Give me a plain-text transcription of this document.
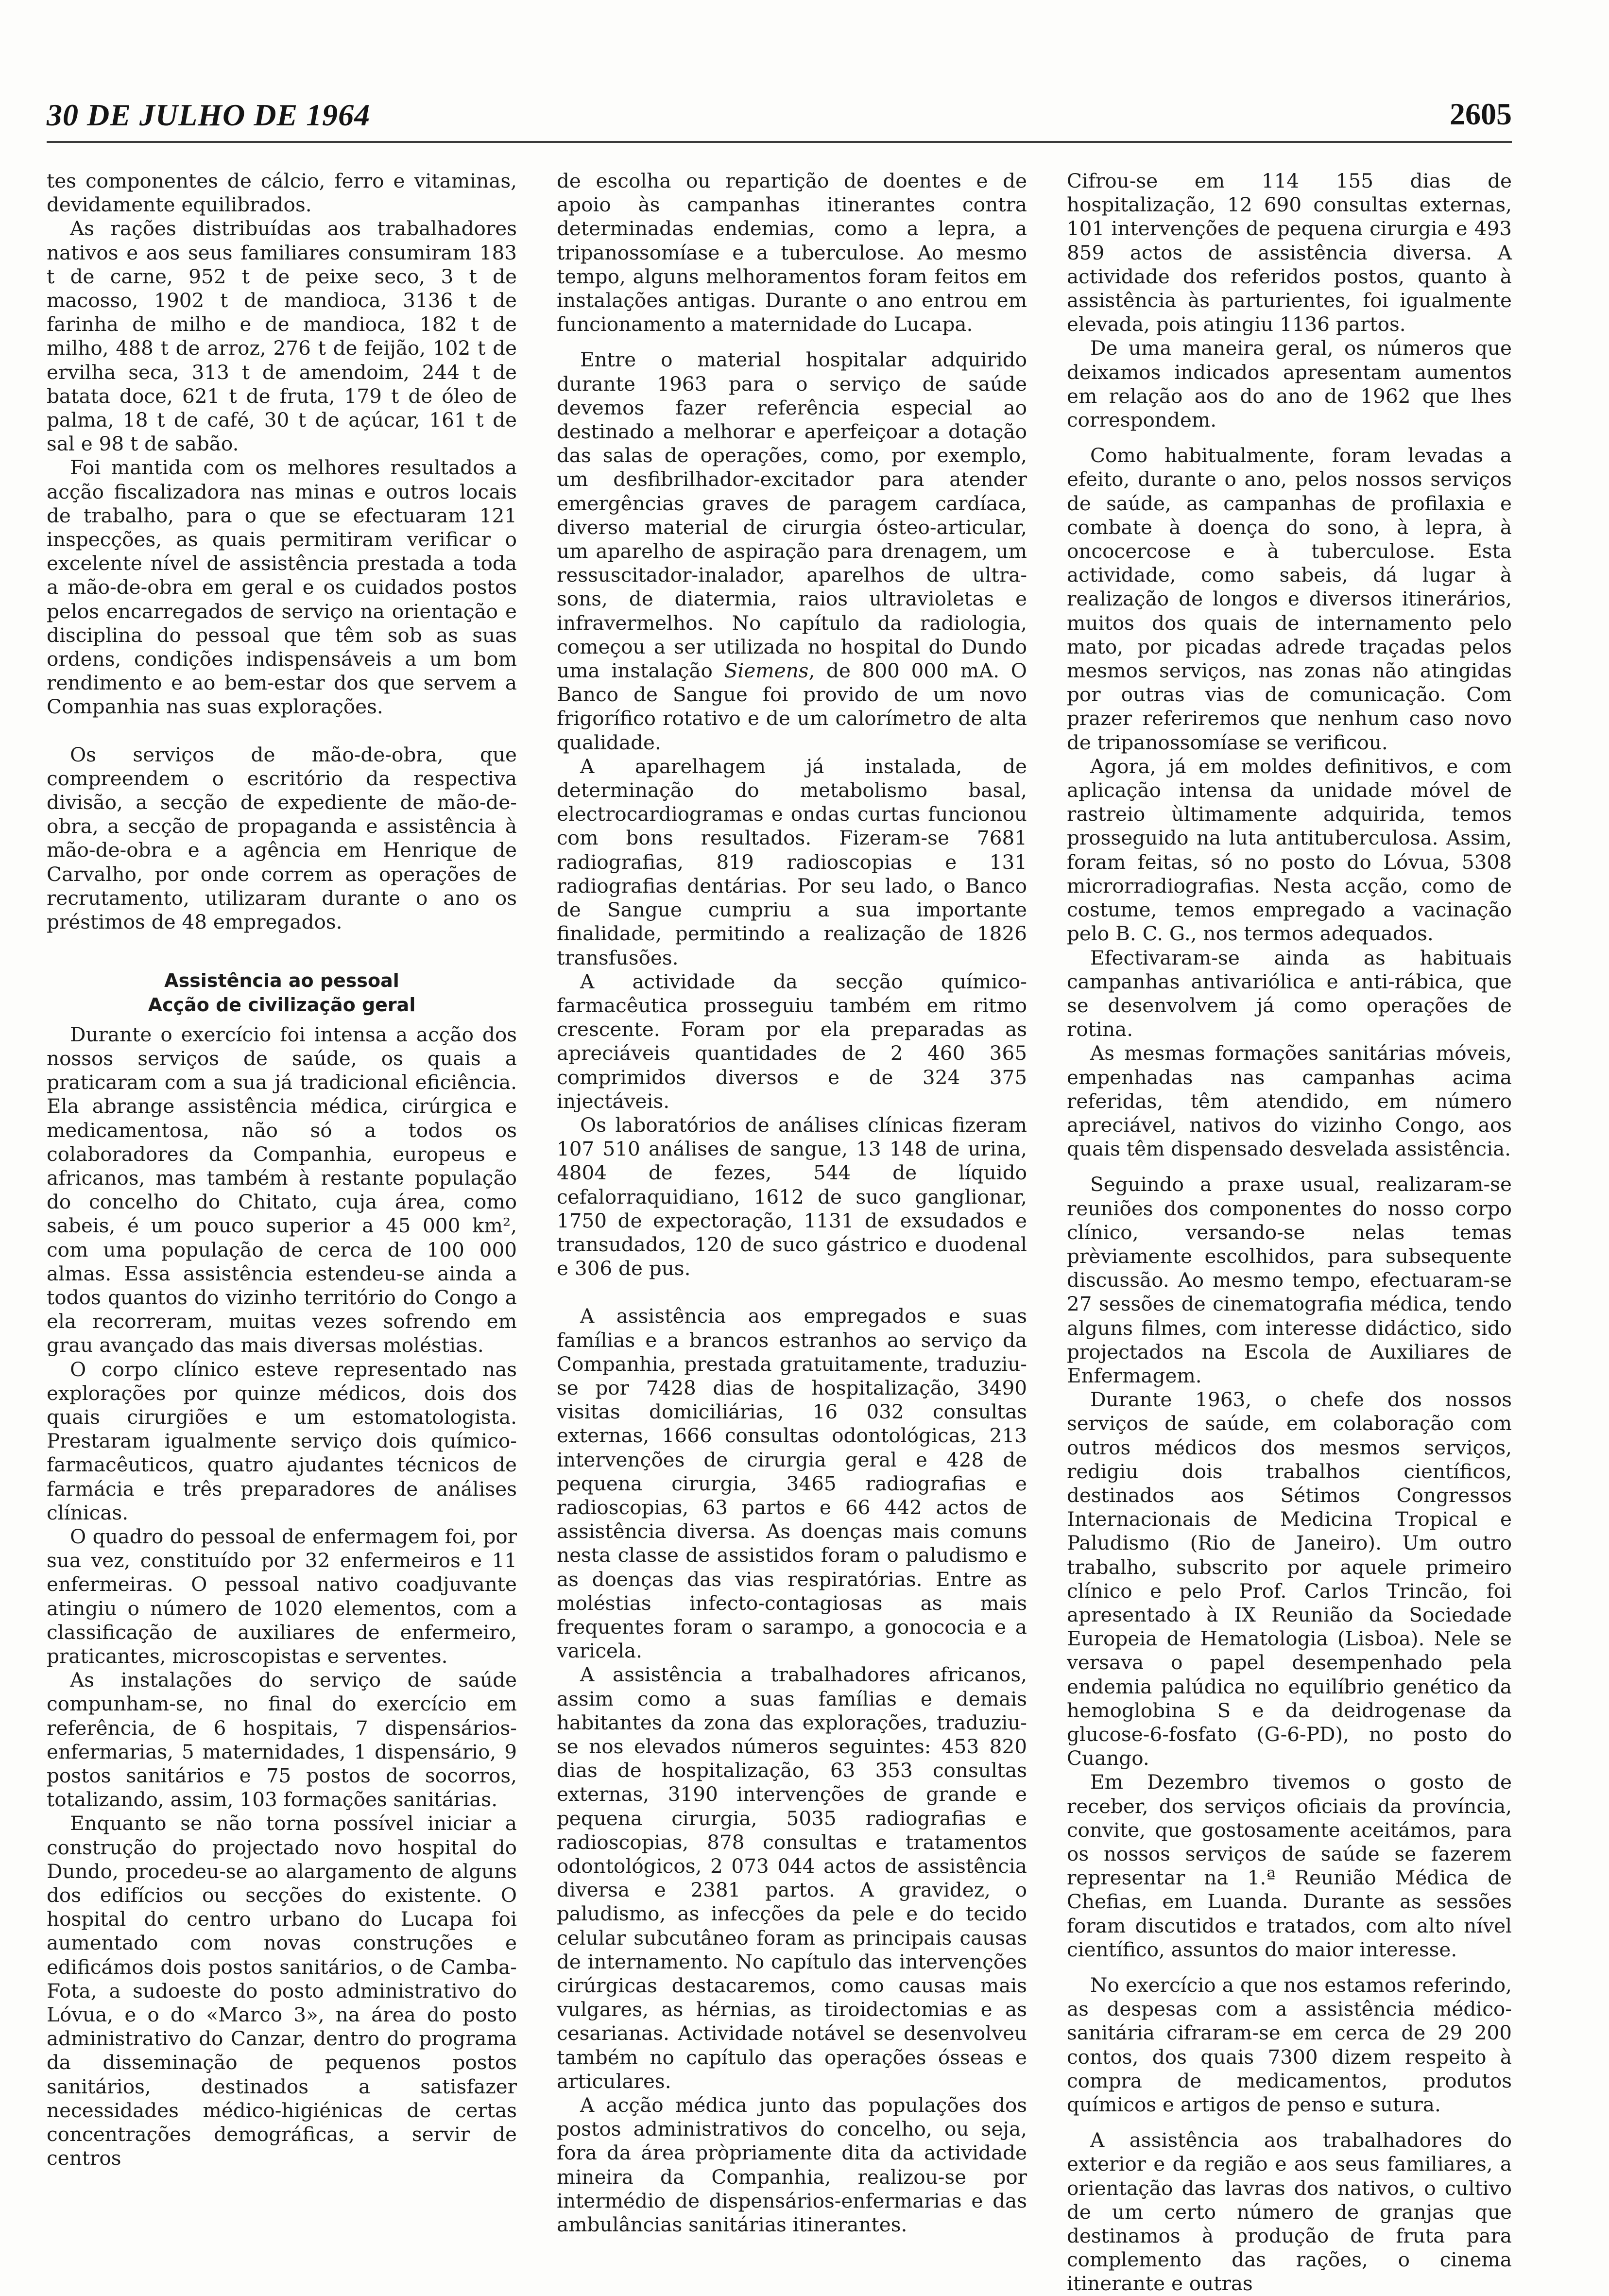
30 DE JULHO DE 1964	2605

tes componentes de cálcio, ferro e vitaminas, devidamente equilibrados.

As rações distribuídas aos trabalhadores nativos e aos seus familiares consumiram 183 t de carne, 952 t de peixe seco, 3 t de macosso, 1902 t de mandioca, 3136 t de farinha de milho e de mandioca, 182 t de milho, 488 t de arroz, 276 t de feijão, 102 t de ervilha seca, 313 t de amendoim, 244 t de batata doce, 621 t de fruta, 179 t de óleo de palma, 18 t de café, 30 t de açúcar, 161 t de sal e 98 t de sabão.

Foi mantida com os melhores resultados a acção fiscalizadora nas minas e outros locais de trabalho, para o que se efectuaram 121 inspecções, as quais permitiram verificar o excelente nível de assistência prestada a toda a mão-de-obra em geral e os cuidados postos pelos encarregados de serviço na orientação e disciplina do pessoal que têm sob as suas ordens, condições indispensáveis a um bom rendimento e ao bem-estar dos que servem a Companhia nas suas explorações.

Os serviços de mão-de-obra, que compreendem o escritório da respectiva divisão, a secção de expediente de mão-de-obra, a secção de propaganda e assistência à mão-de-obra e a agência em Henrique de Carvalho, por onde correm as operações de recrutamento, utilizaram durante o ano os préstimos de 48 empregados.

Assistência ao pessoal
Acção de civilização geral

Durante o exercício foi intensa a acção dos nossos serviços de saúde, os quais a praticaram com a sua já tradicional eficiência. Ela abrange assistência médica, cirúrgica e medicamentosa, não só a todos os colaboradores da Companhia, europeus e africanos, mas também à restante população do concelho do Chitato, cuja área, como sabeis, é um pouco superior a 45 000 km², com uma população de cerca de 100 000 almas. Essa assistência estendeu-se ainda a todos quantos do vizinho território do Congo a ela recorreram, muitas vezes sofrendo em grau avançado das mais diversas moléstias.

O corpo clínico esteve representado nas explorações por quinze médicos, dois dos quais cirurgiões e um estomatologista. Prestaram igualmente serviço dois químico-farmacêuticos, quatro ajudantes técnicos de farmácia e três preparadores de análises clínicas.

O quadro do pessoal de enfermagem foi, por sua vez, constituído por 32 enfermeiros e 11 enfermeiras. O pessoal nativo coadjuvante atingiu o número de 1020 elementos, com a classificação de auxiliares de enfermeiro, praticantes, microscopistas e serventes.

As instalações do serviço de saúde compunham-se, no final do exercício em referência, de 6 hospitais, 7 dispensários-enfermarias, 5 maternidades, 1 dispensário, 9 postos sanitários e 75 postos de socorros, totalizando, assim, 103 formações sanitárias.

Enquanto se não torna possível iniciar a construção do projectado novo hospital do Dundo, procedeu-se ao alargamento de alguns dos edifícios ou secções do existente. O hospital do centro urbano do Lucapa foi aumentado com novas construções e edificámos dois postos sanitários, o de Camba-Fota, a sudoeste do posto administrativo do Lóvua, e o do «Marco 3», na área do posto administrativo do Canzar, dentro do programa da disseminação de pequenos postos sanitários, destinados a satisfazer necessidades médico-higiénicas de certas concentrações demográficas, a servir de centros

de escolha ou repartição de doentes e de apoio às campanhas itinerantes contra determinadas endemias, como a lepra, a tripanossomíase e a tuberculose. Ao mesmo tempo, alguns melhoramentos foram feitos em instalações antigas. Durante o ano entrou em funcionamento a maternidade do Lucapa.

Entre o material hospitalar adquirido durante 1963 para o serviço de saúde devemos fazer referência especial ao destinado a melhorar e aperfeiçoar a dotação das salas de operações, como, por exemplo, um desfibrilhador-excitador para atender emergências graves de paragem cardíaca, diverso material de cirurgia ósteo-articular, um aparelho de aspiração para drenagem, um ressuscitador-inalador, aparelhos de ultra-sons, de diatermia, raios ultravioletas e infravermelhos. No capítulo da radiologia, começou a ser utilizada no hospital do Dundo uma instalação Siemens, de 800 000 mA. O Banco de Sangue foi provido de um novo frigorífico rotativo e de um calorímetro de alta qualidade.

A aparelhagem já instalada, de determinação do metabolismo basal, electrocardiogramas e ondas curtas funcionou com bons resultados. Fizeram-se 7681 radiografias, 819 radioscopias e 131 radiografias dentárias. Por seu lado, o Banco de Sangue cumpriu a sua importante finalidade, permitindo a realização de 1826 transfusões.

A actividade da secção químico-farmacêutica prosseguiu também em ritmo crescente. Foram por ela preparadas as apreciáveis quantidades de 2 460 365 comprimidos diversos e de 324 375 injectáveis.

Os laboratórios de análises clínicas fizeram 107 510 análises de sangue, 13 148 de urina, 4804 de fezes, 544 de líquido cefalorraquidiano, 1612 de suco ganglionar, 1750 de expectoração, 1131 de exsudados e transudados, 120 de suco gástrico e duodenal e 306 de pus.

A assistência aos empregados e suas famílias e a brancos estranhos ao serviço da Companhia, prestada gratuitamente, traduziu-se por 7428 dias de hospitalização, 3490 visitas domiciliárias, 16 032 consultas externas, 1666 consultas odontológicas, 213 intervenções de cirurgia geral e 428 de pequena cirurgia, 3465 radiografias e radioscopias, 63 partos e 66 442 actos de assistência diversa. As doenças mais comuns nesta classe de assistidos foram o paludismo e as doenças das vias respiratórias. Entre as moléstias infecto-contagiosas as mais frequentes foram o sarampo, a gonococia e a varicela.

A assistência a trabalhadores africanos, assim como a suas famílias e demais habitantes da zona das explorações, traduziu-se nos elevados números seguintes: 453 820 dias de hospitalização, 63 353 consultas externas, 3190 intervenções de grande e pequena cirurgia, 5035 radiografias e radioscopias, 878 consultas e tratamentos odontológicos, 2 073 044 actos de assistência diversa e 2381 partos. A gravidez, o paludismo, as infecções da pele e do tecido celular subcutâneo foram as principais causas de internamento. No capítulo das intervenções cirúrgicas destacaremos, como causas mais vulgares, as hérnias, as tiroidectomias e as cesarianas. Actividade notável se desenvolveu também no capítulo das operações ósseas e articulares.

A acção médica junto das populações dos postos administrativos do concelho, ou seja, fora da área pròpriamente dita da actividade mineira da Companhia, realizou-se por intermédio de dispensários-enfermarias e das ambulâncias sanitárias itinerantes.

Cifrou-se em 114 155 dias de hospitalização, 12 690 consultas externas, 101 intervenções de pequena cirurgia e 493 859 actos de assistência diversa. A actividade dos referidos postos, quanto à assistência às parturientes, foi igualmente elevada, pois atingiu 1136 partos.

De uma maneira geral, os números que deixamos indicados apresentam aumentos em relação aos do ano de 1962 que lhes correspondem.

Como habitualmente, foram levadas a efeito, durante o ano, pelos nossos serviços de saúde, as campanhas de profilaxia e combate à doença do sono, à lepra, à oncocercose e à tuberculose. Esta actividade, como sabeis, dá lugar à realização de longos e diversos itinerários, muitos dos quais de internamento pelo mato, por picadas adrede traçadas pelos mesmos serviços, nas zonas não atingidas por outras vias de comunicação. Com prazer referiremos que nenhum caso novo de tripanossomíase se verificou.

Agora, já em moldes definitivos, e com aplicação intensa da unidade móvel de rastreio ùltimamente adquirida, temos prosseguido na luta antituberculosa. Assim, foram feitas, só no posto do Lóvua, 5308 microrradiografias. Nesta acção, como de costume, temos empregado a vacinação pelo B. C. G., nos termos adequados.

Efectivaram-se ainda as habituais campanhas antivariólica e anti-rábica, que se desenvolvem já como operações de rotina.

As mesmas formações sanitárias móveis, empenhadas nas campanhas acima referidas, têm atendido, em número apreciável, nativos do vizinho Congo, aos quais têm dispensado desvelada assistência.

Seguindo a praxe usual, realizaram-se reuniões dos componentes do nosso corpo clínico, versando-se nelas temas prèviamente escolhidos, para subsequente discussão. Ao mesmo tempo, efectuaram-se 27 sessões de cinematografia médica, tendo alguns filmes, com interesse didáctico, sido projectados na Escola de Auxiliares de Enfermagem.

Durante 1963, o chefe dos nossos serviços de saúde, em colaboração com outros médicos dos mesmos serviços, redigiu dois trabalhos científicos, destinados aos Sétimos Congressos Internacionais de Medicina Tropical e Paludismo (Rio de Janeiro). Um outro trabalho, subscrito por aquele primeiro clínico e pelo Prof. Carlos Trincão, foi apresentado à IX Reunião da Sociedade Europeia de Hematologia (Lisboa). Nele se versava o papel desempenhado pela endemia palúdica no equilíbrio genético da hemoglobina S e da deidrogenase da glucose-6-fosfato (G-6-PD), no posto do Cuango.

Em Dezembro tivemos o gosto de receber, dos serviços oficiais da província, convite, que gostosamente aceitámos, para os nossos serviços de saúde se fazerem representar na 1.ª Reunião Médica de Chefias, em Luanda. Durante as sessões foram discutidos e tratados, com alto nível científico, assuntos do maior interesse.

No exercício a que nos estamos referindo, as despesas com a assistência médico-sanitária cifraram-se em cerca de 29 200 contos, dos quais 7300 dizem respeito à compra de medicamentos, produtos químicos e artigos de penso e sutura.

A assistência aos trabalhadores do exterior e da região e aos seus familiares, a orientação das lavras dos nativos, o cultivo de um certo número de granjas que destinamos à produção de fruta para complemento das rações, o cinema itinerante e outras
